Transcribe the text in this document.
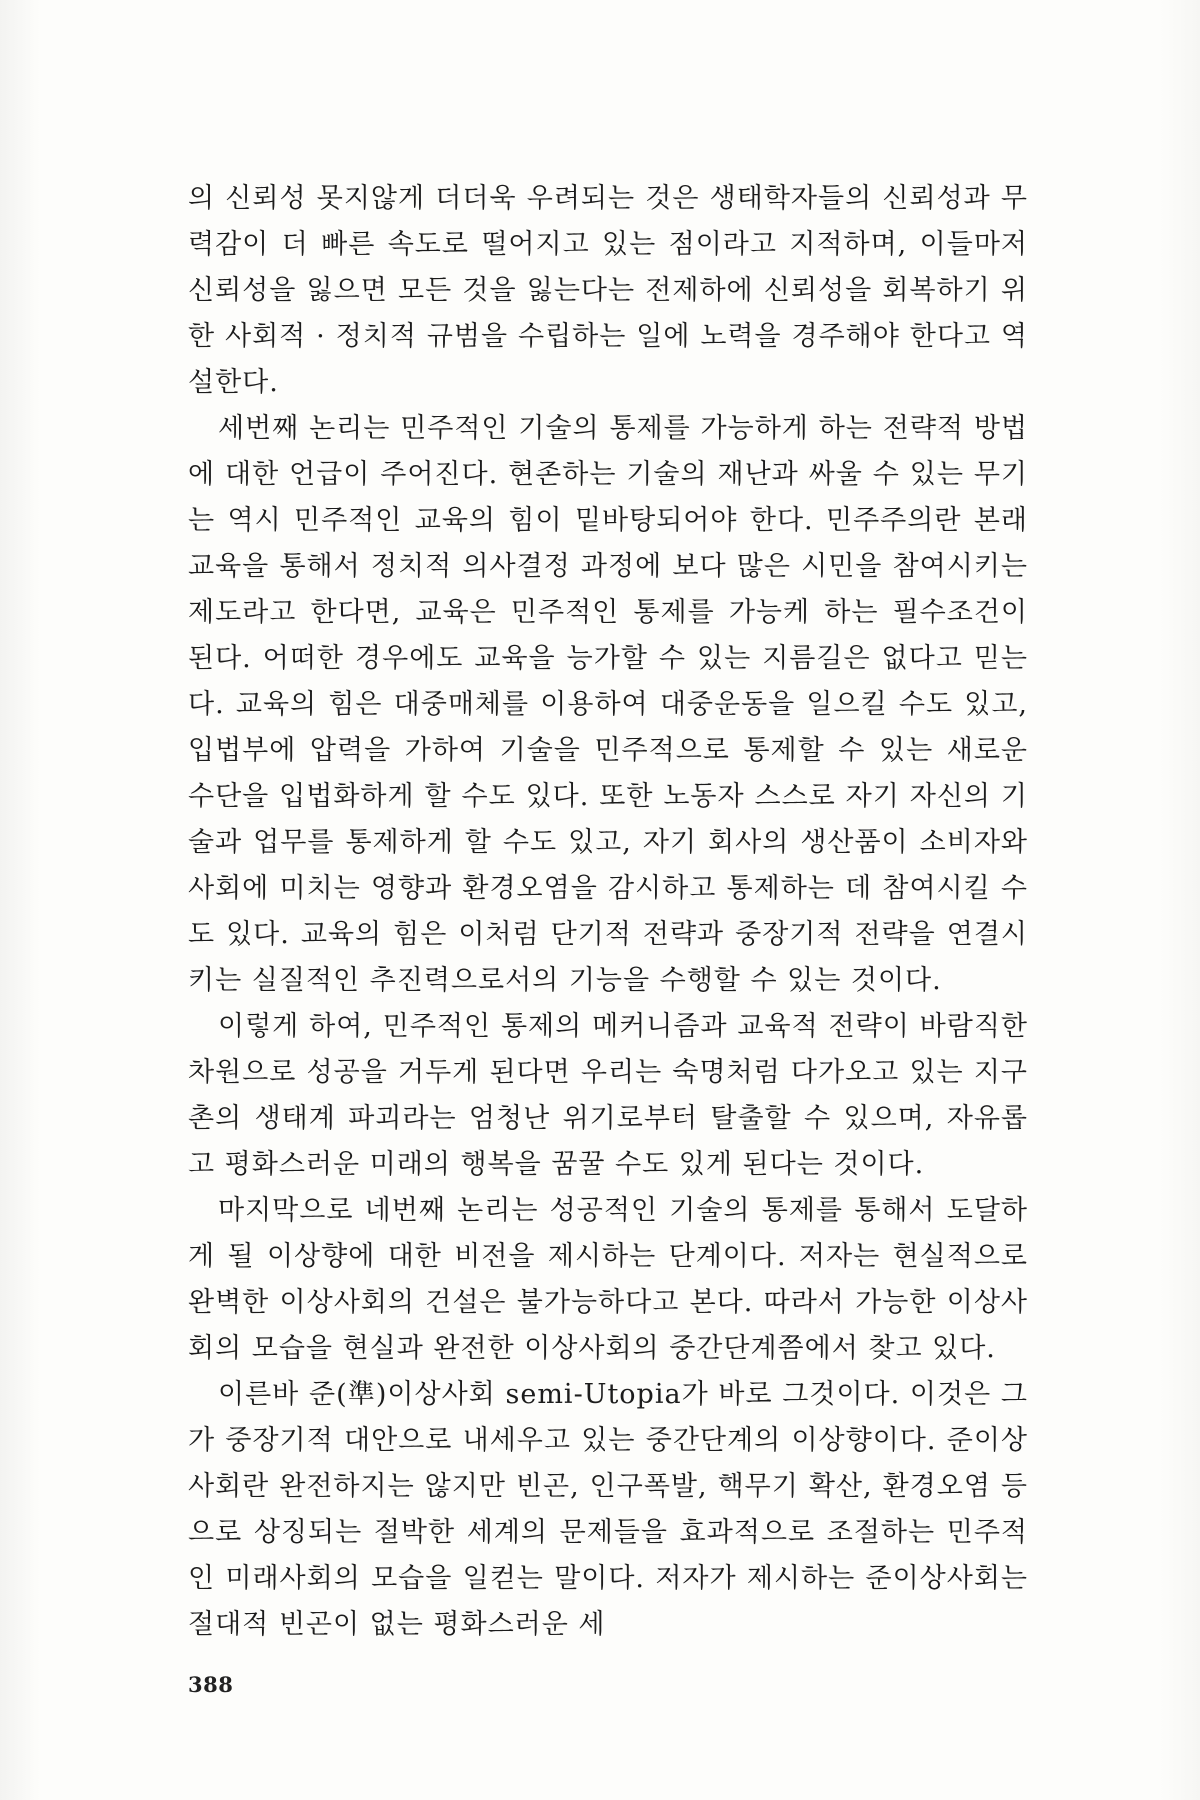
의 신뢰성 못지않게 더더욱 우려되는 것은 생태학자들의 신뢰성과 무력감이 더 빠른 속도로 떨어지고 있는 점이라고 지적하며, 이들마저 신뢰성을 잃으면 모든 것을 잃는다는 전제하에 신뢰성을 회복하기 위한 사회적 · 정치적 규범을 수립하는 일에 노력을 경주해야 한다고 역설한다.

세번째 논리는 민주적인 기술의 통제를 가능하게 하는 전략적 방법에 대한 언급이 주어진다. 현존하는 기술의 재난과 싸울 수 있는 무기는 역시 민주적인 교육의 힘이 밑바탕되어야 한다. 민주주의란 본래 교육을 통해서 정치적 의사결정 과정에 보다 많은 시민을 참여시키는 제도라고 한다면, 교육은 민주적인 통제를 가능케 하는 필수조건이 된다. 어떠한 경우에도 교육을 능가할 수 있는 지름길은 없다고 믿는다. 교육의 힘은 대중매체를 이용하여 대중운동을 일으킬 수도 있고, 입법부에 압력을 가하여 기술을 민주적으로 통제할 수 있는 새로운 수단을 입법화하게 할 수도 있다. 또한 노동자 스스로 자기 자신의 기술과 업무를 통제하게 할 수도 있고, 자기 회사의 생산품이 소비자와 사회에 미치는 영향과 환경오염을 감시하고 통제하는 데 참여시킬 수도 있다. 교육의 힘은 이처럼 단기적 전략과 중장기적 전략을 연결시키는 실질적인 추진력으로서의 기능을 수행할 수 있는 것이다.

이렇게 하여, 민주적인 통제의 메커니즘과 교육적 전략이 바람직한 차원으로 성공을 거두게 된다면 우리는 숙명처럼 다가오고 있는 지구촌의 생태계 파괴라는 엄청난 위기로부터 탈출할 수 있으며, 자유롭고 평화스러운 미래의 행복을 꿈꿀 수도 있게 된다는 것이다.

마지막으로 네번째 논리는 성공적인 기술의 통제를 통해서 도달하게 될 이상향에 대한 비전을 제시하는 단계이다. 저자는 현실적으로 완벽한 이상사회의 건설은 불가능하다고 본다. 따라서 가능한 이상사회의 모습을 현실과 완전한 이상사회의 중간단계쯤에서 찾고 있다.

이른바 준(準)이상사회 semi-Utopia가 바로 그것이다. 이것은 그가 중장기적 대안으로 내세우고 있는 중간단계의 이상향이다. 준이상사회란 완전하지는 않지만 빈곤, 인구폭발, 핵무기 확산, 환경오염 등으로 상징되는 절박한 세계의 문제들을 효과적으로 조절하는 민주적인 미래사회의 모습을 일컫는 말이다. 저자가 제시하는 준이상사회는 절대적 빈곤이 없는 평화스러운 세

388
